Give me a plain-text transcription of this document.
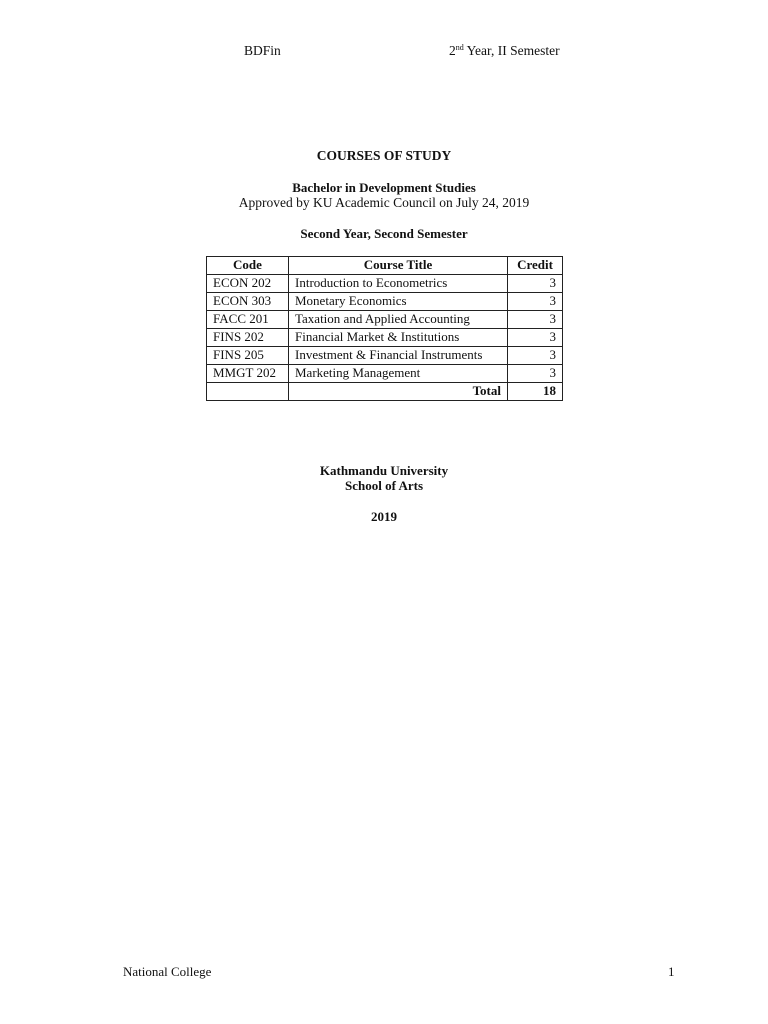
BDFin	2nd Year, II Semester
COURSES OF STUDY
Bachelor in Development Studies
Approved by KU Academic Council on July 24, 2019
Second Year, Second Semester
Code	Course Title	Credit
ECON 202	Introduction to Econometrics	3
ECON 303	Monetary Economics	3
FACC 201	Taxation and Applied Accounting	3
FINS 202	Financial Market & Institutions	3
FINS 205	Investment & Financial Instruments	3
MMGT 202	Marketing Management	3
	Total	18
Kathmandu University
School of Arts
2019
National College	1
